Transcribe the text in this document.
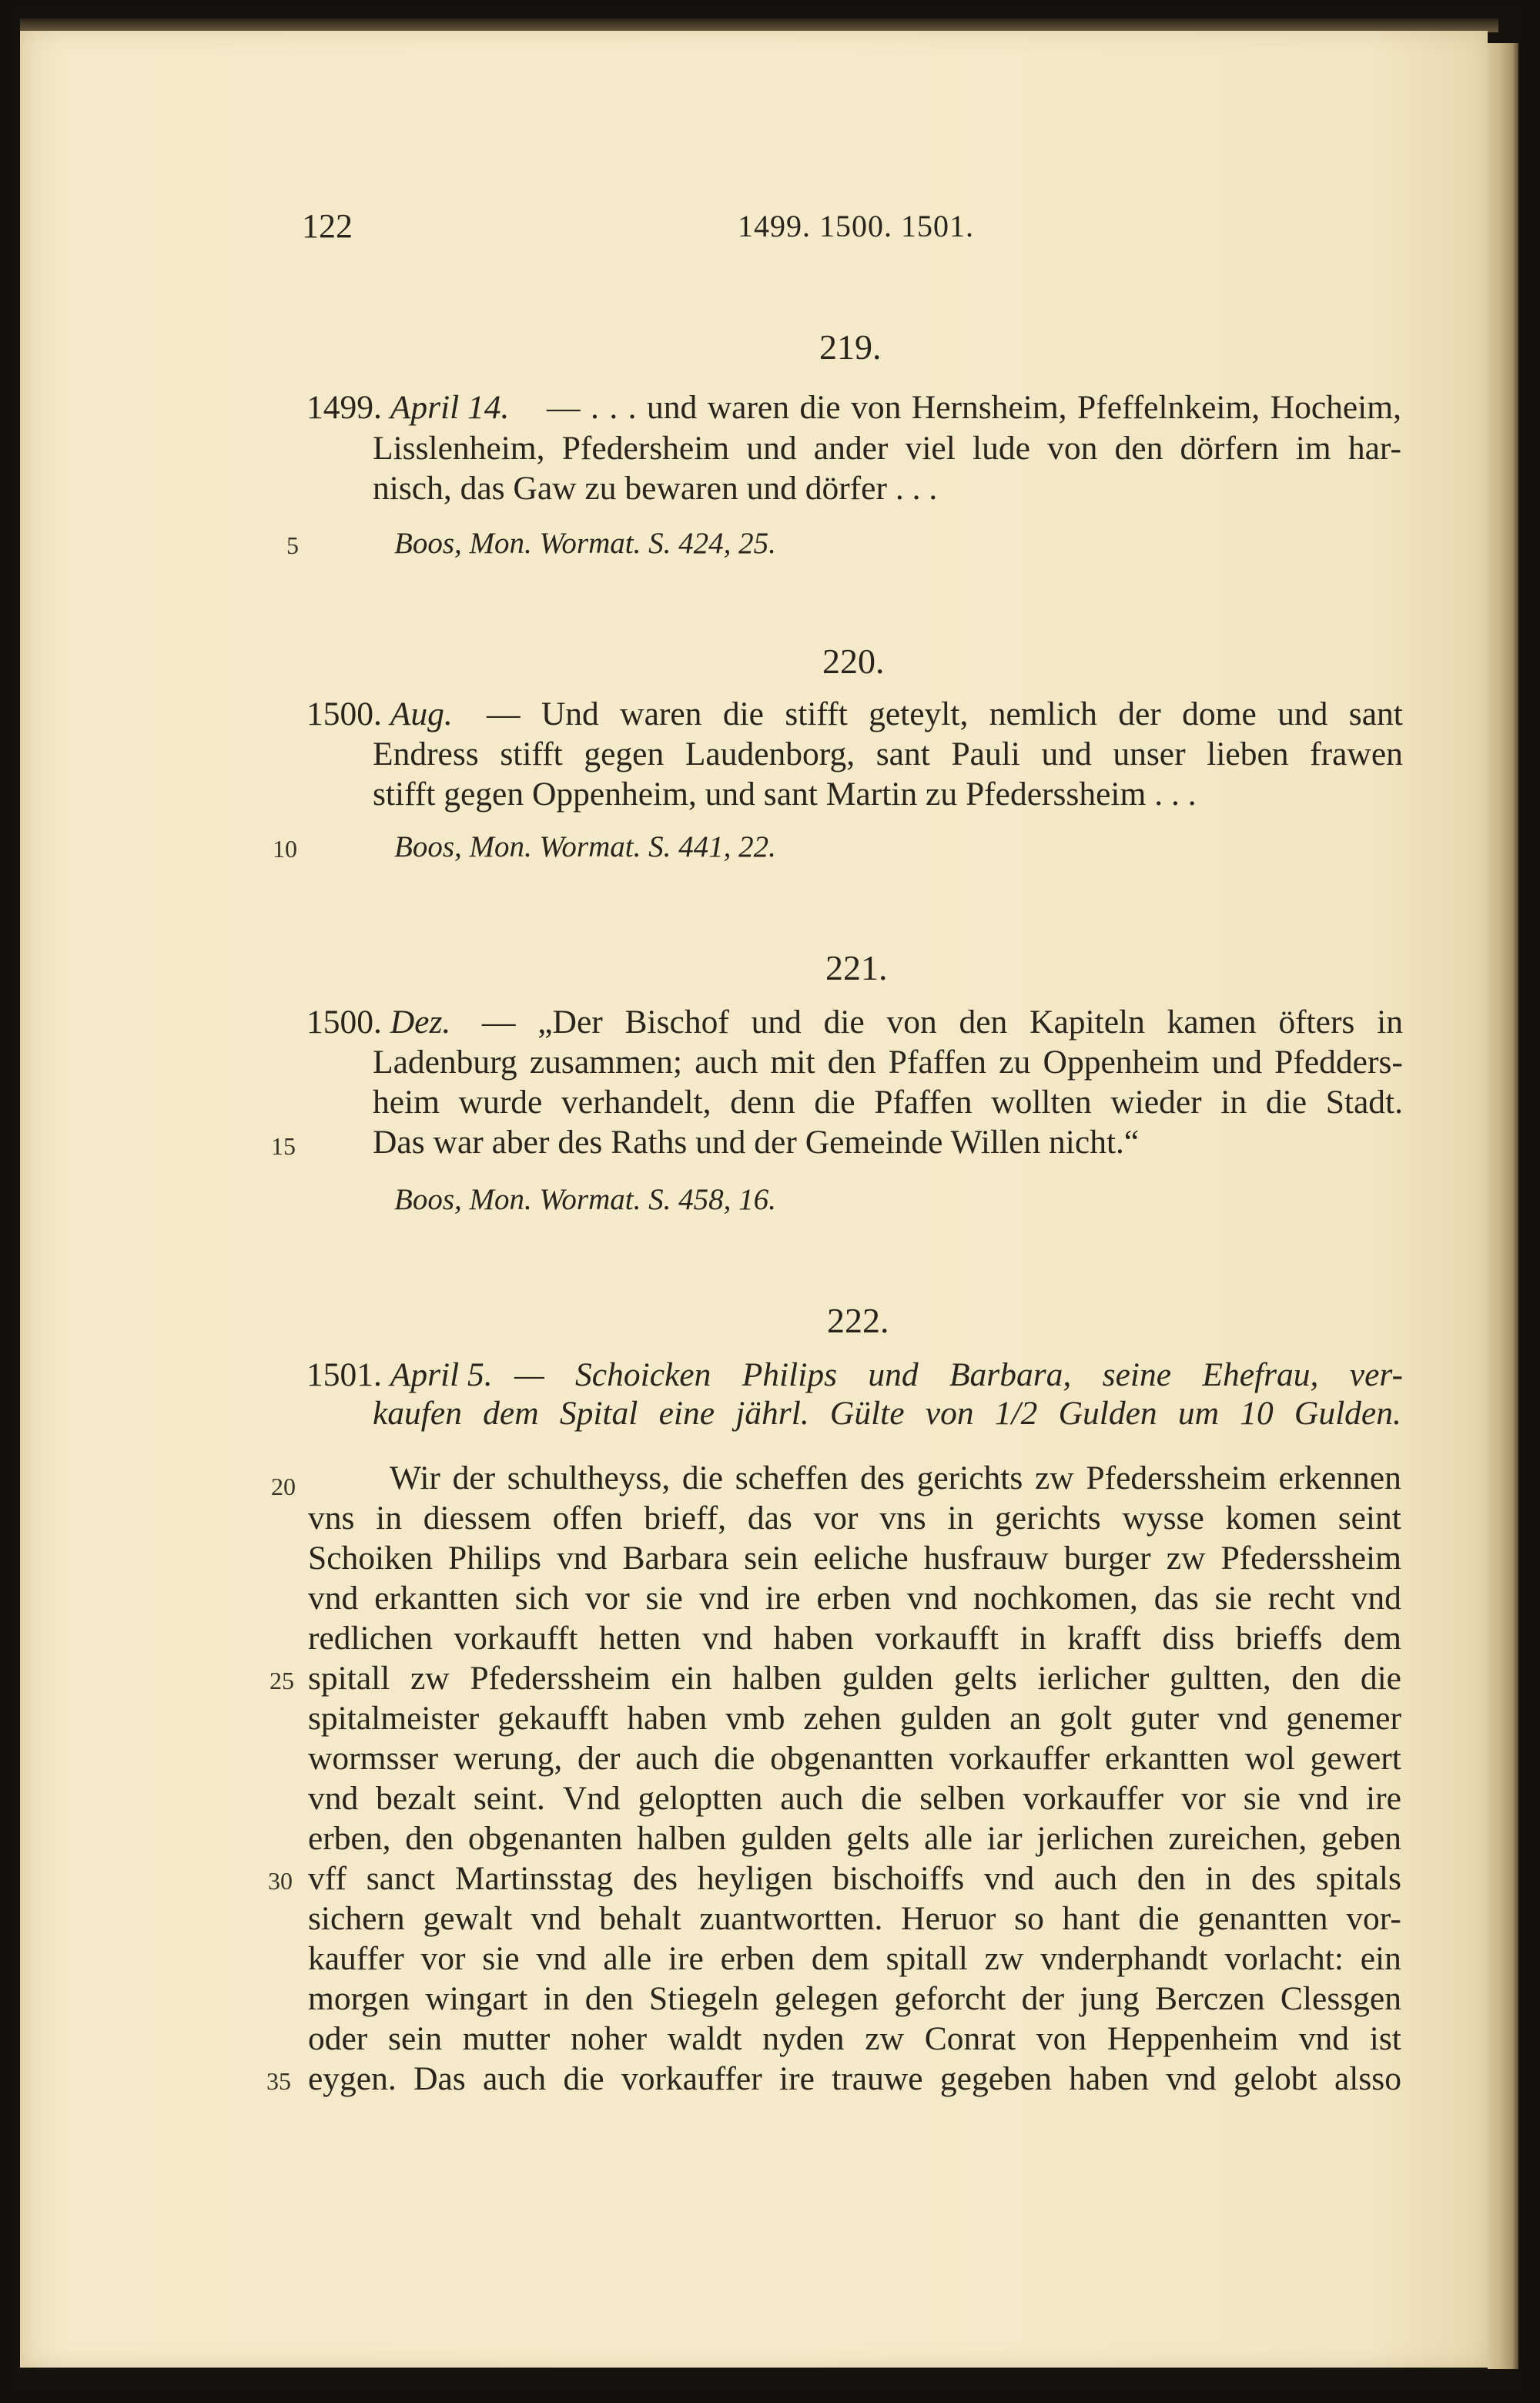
122	1499. 1500. 1501.
219.
1499. April 14. — . . . und waren die von Hernsheim, Pfeffelnkeim, Hocheim,
Lisslenheim, Pfedersheim und ander viel lude von den dörfern im har-
nisch, das Gaw zu bewaren und dörfer . . .
5	Boos, Mon. Wormat. S. 424, 25.
220.
1500. Aug. — Und waren die stifft geteylt, nemlich der dome und sant
Endress stifft gegen Laudenborg, sant Pauli und unser lieben frawen
stifft gegen Oppenheim, und sant Martin zu Pfederssheim . . .
10	Boos, Mon. Wormat. S. 441, 22.
221.
1500. Dez. — „Der Bischof und die von den Kapiteln kamen öfters in
Ladenburg zusammen; auch mit den Pfaffen zu Oppenheim und Pfedders-
heim wurde verhandelt, denn die Pfaffen wollten wieder in die Stadt.
15 Das war aber des Raths und der Gemeinde Willen nicht.“
Boos, Mon. Wormat. S. 458, 16.
222.
1501. April 5. — Schoicken Philips und Barbara, seine Ehefrau, ver-
kaufen dem Spital eine jährl. Gülte von 1/2 Gulden um 10 Gulden.
20	Wir der schultheyss, die scheffen des gerichts zw Pfederssheim erkennen
vns in diessem offen brieff, das vor vns in gerichts wysse komen seint
Schoiken Philips vnd Barbara sein eeliche husfrauw burger zw Pfederssheim
vnd erkantten sich vor sie vnd ire erben vnd nochkomen, das sie recht vnd
redlichen vorkaufft hetten vnd haben vorkaufft in krafft diss brieffs dem
25 spitall zw Pfederssheim ein halben gulden gelts ierlicher gultten, den die
spitalmeister gekaufft haben vmb zehen gulden an golt guter vnd genemer
wormsser werung, der auch die obgenantten vorkauffer erkantten wol gewert
vnd bezalt seint. Vnd geloptten auch die selben vorkauffer vor sie vnd ire
erben, den obgenanten halben gulden gelts alle iar jerlichen zureichen, geben
30 vff sanct Martinsstag des heyligen bischoiffs vnd auch den in des spitals
sichern gewalt vnd behalt zuantwortten. Heruor so hant die genantten vor-
kauffer vor sie vnd alle ire erben dem spitall zw vnderphandt vorlacht: ein
morgen wingart in den Stiegeln gelegen geforcht der jung Berczen Clessgen
oder sein mutter noher waldt nyden zw Conrat von Heppenheim vnd ist
35 eygen. Das auch die vorkauffer ire trauwe gegeben haben vnd gelobt alsso
